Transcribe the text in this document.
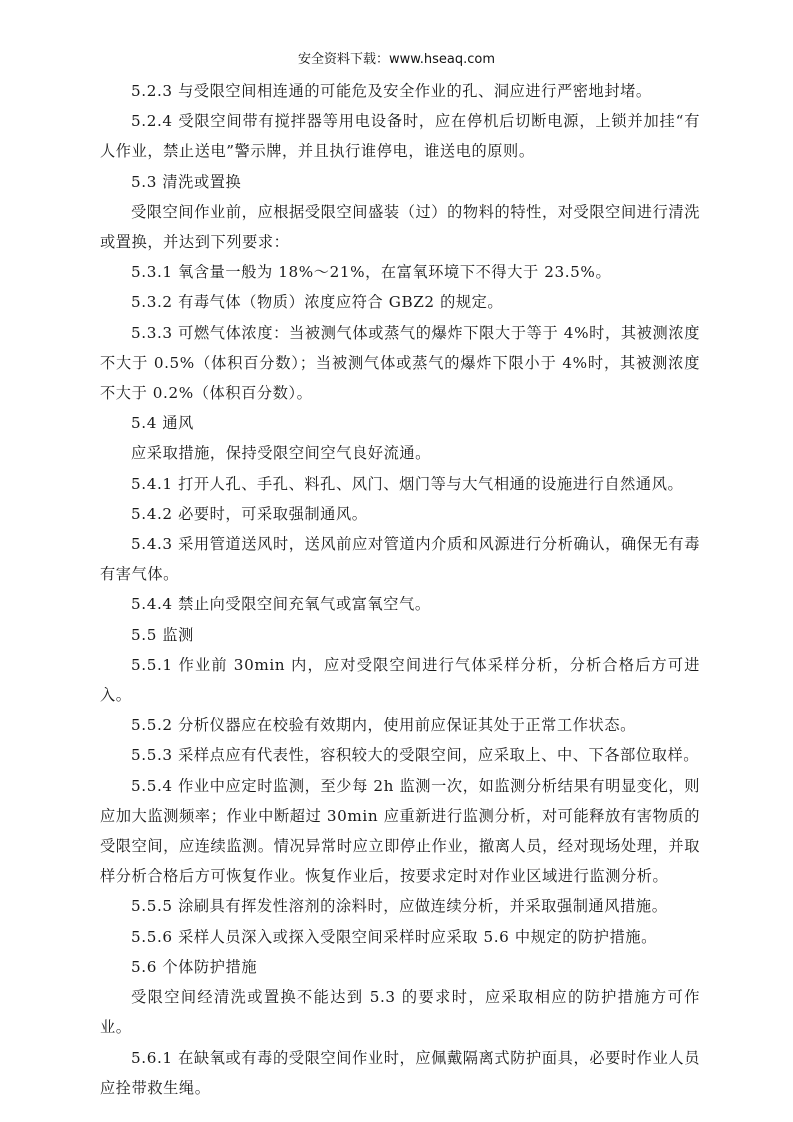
安全资料下载：www.hseaq.com

5.2.3 与受限空间相连通的可能危及安全作业的孔、洞应进行严密地封堵。

5.2.4 受限空间带有搅拌器等用电设备时，应在停机后切断电源，上锁并加挂“有人作业，禁止送电”警示牌，并且执行谁停电，谁送电的原则。

5.3 清洗或置换

受限空间作业前，应根据受限空间盛装（过）的物料的特性，对受限空间进行清洗或置换，并达到下列要求：

5.3.1 氧含量一般为 18%～21%，在富氧环境下不得大于 23.5%。

5.3.2 有毒气体（物质）浓度应符合 GBZ2 的规定。

5.3.3 可燃气体浓度：当被测气体或蒸气的爆炸下限大于等于 4%时，其被测浓度不大于 0.5%（体积百分数）；当被测气体或蒸气的爆炸下限小于 4%时，其被测浓度不大于 0.2%（体积百分数）。

5.4 通风

应采取措施，保持受限空间空气良好流通。

5.4.1 打开人孔、手孔、料孔、风门、烟门等与大气相通的设施进行自然通风。

5.4.2 必要时，可采取强制通风。

5.4.3 采用管道送风时，送风前应对管道内介质和风源进行分析确认，确保无有毒有害气体。

5.4.4 禁止向受限空间充氧气或富氧空气。

5.5 监测

5.5.1 作业前 30min 内，应对受限空间进行气体采样分析，分析合格后方可进入。

5.5.2 分析仪器应在校验有效期内，使用前应保证其处于正常工作状态。

5.5.3 采样点应有代表性，容积较大的受限空间，应采取上、中、下各部位取样。

5.5.4 作业中应定时监测，至少每 2h 监测一次，如监测分析结果有明显变化，则应加大监测频率；作业中断超过 30min 应重新进行监测分析，对可能释放有害物质的受限空间，应连续监测。情况异常时应立即停止作业，撤离人员，经对现场处理，并取样分析合格后方可恢复作业。恢复作业后，按要求定时对作业区域进行监测分析。

5.5.5 涂刷具有挥发性溶剂的涂料时，应做连续分析，并采取强制通风措施。

5.5.6 采样人员深入或探入受限空间采样时应采取 5.6 中规定的防护措施。

5.6 个体防护措施

受限空间经清洗或置换不能达到 5.3 的要求时，应采取相应的防护措施方可作业。

5.6.1 在缺氧或有毒的受限空间作业时，应佩戴隔离式防护面具，必要时作业人员应拴带救生绳。
